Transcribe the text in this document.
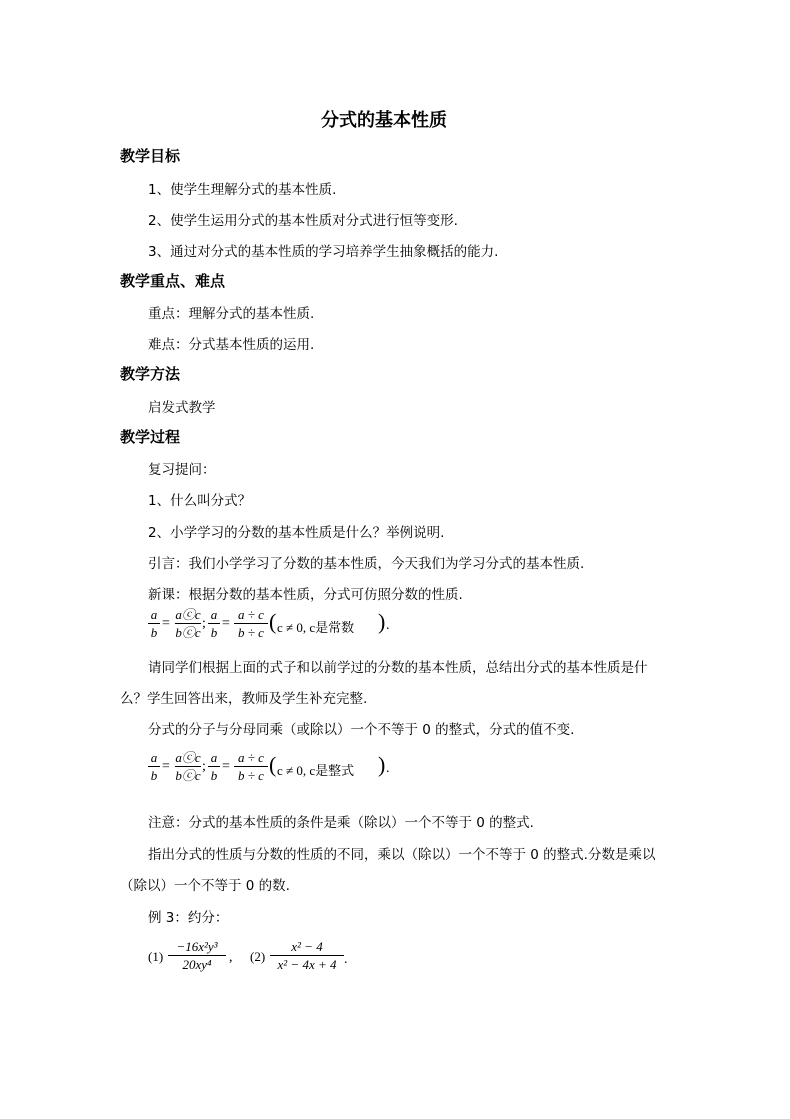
分式的基本性质
教学目标
1、使学生理解分式的基本性质.
2、使学生运用分式的基本性质对分式进行恒等变形.
3、通过对分式的基本性质的学习培养学生抽象概括的能力.
教学重点、难点
重点：理解分式的基本性质.
难点：分式基本性质的运用.
教学方法
启发式教学
教学过程
复习提问：
1、什么叫分式？
2、小学学习的分数的基本性质是什么？举例说明.
引言：我们小学学习了分数的基本性质，今天我们为学习分式的基本性质.
新课：根据分数的基本性质，分式可仿照分数的性质.
a
b
=
aⓒc
bⓒc
;
a
b
=
a ÷ c
b ÷ c ( c ≠ 0, c是常数 ) .
请同学们根据上面的式子和以前学过的分数的基本性质，总结出分式的基本性质是什
么？学生回答出来，教师及学生补充完整.
分式的分子与分母同乘（或除以）一个不等于 0 的整式，分式的值不变.
a
b
=
aⓒc
bⓒc
;
a
b
=
a ÷ c
b ÷ c ( c ≠ 0, c是整式 ) .
注意：分式的基本性质的条件是乘（除以）一个不等于 0 的整式.
指出分式的性质与分数的性质的不同，乘以（除以）一个不等于 0 的整式.分数是乘以
（除以）一个不等于 0 的数.
例 3：约分：
(1)
−16x²y³
20xy⁴	, (2)
x² − 4
x² − 4x + 4 .
